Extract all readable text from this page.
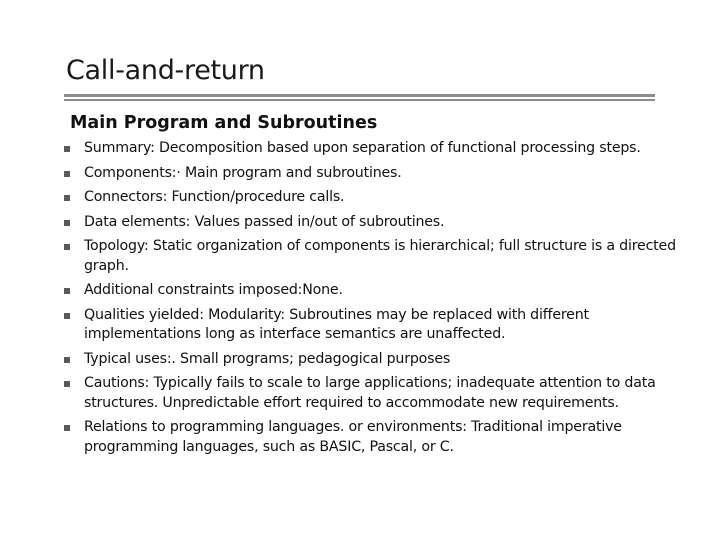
Call-and-return
Main Program and Subroutines
Summary: Decomposition based upon separation of functional processing steps.
Components:· Main program and subroutines.
Connectors: Function/procedure calls.
Data elements: Values passed in/out of subroutines.
Topology: Static organization of components is hierarchical; full structure is a directed graph.
Additional constraints imposed:None.
Qualities yielded: Modularity: Subroutines may be replaced with different implementations long as interface semantics are unaffected.
Typical uses:. Small programs; pedagogical purposes
Cautions: Typically fails to scale to large applications; inadequate attention to data structures. Unpredictable effort required to accommodate new requirements.
Relations to programming languages. or environments: Traditional imperative programming languages, such as BASIC, Pascal, or C.
